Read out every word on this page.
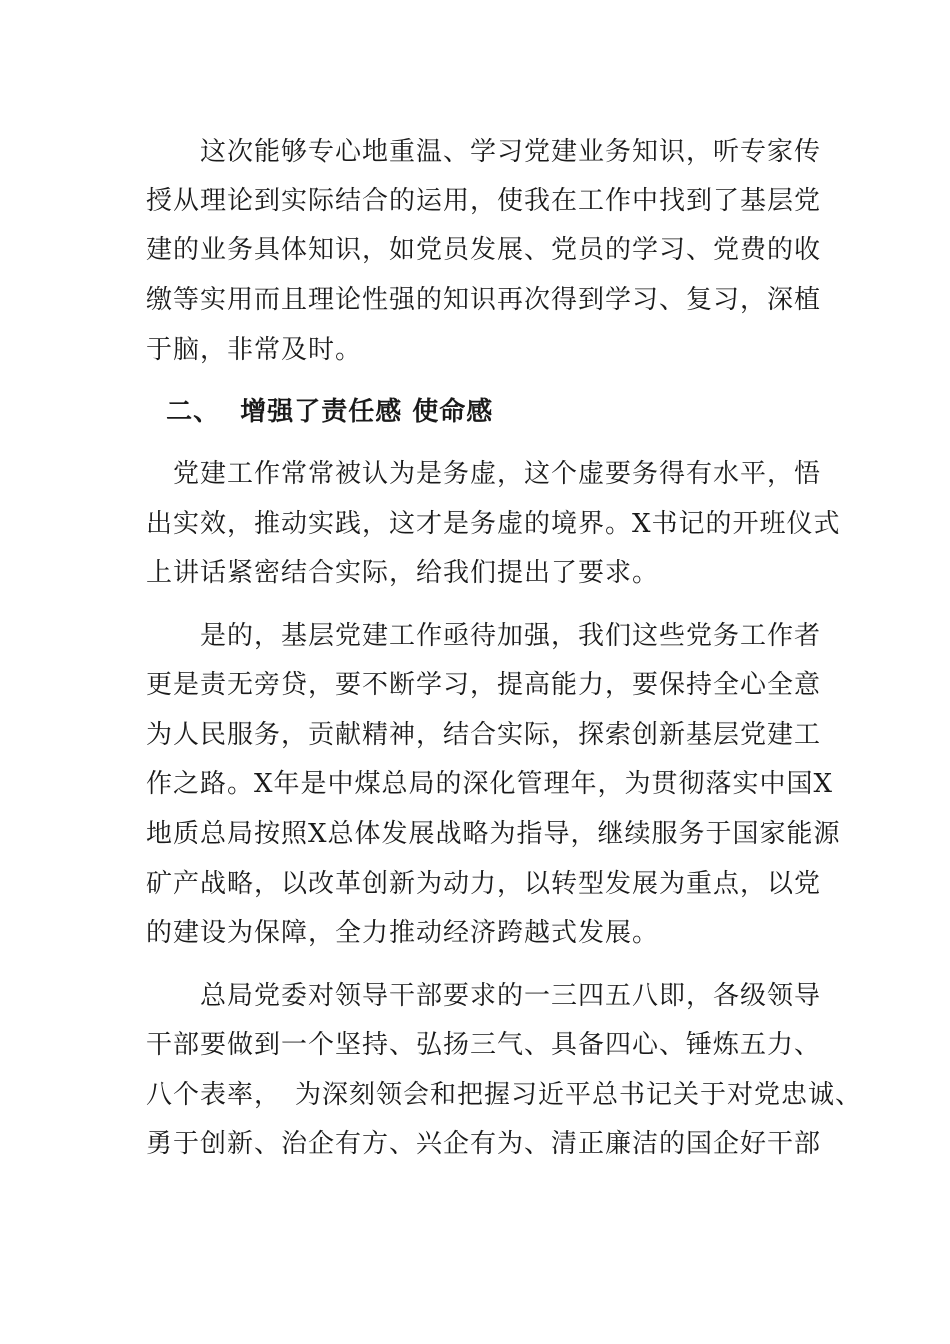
　　这次能够专心地重温、学习党建业务知识，听专家传
授从理论到实际结合的运用，使我在工作中找到了基层党
建的业务具体知识，如党员发展、党员的学习、党费的收
缴等实用而且理论性强的知识再次得到学习、复习，深植
于脑，非常及时。
二、  增强了责任感 使命感
　党建工作常常被认为是务虚，这个虚要务得有水平，悟
出实效，推动实践，这才是务虚的境界。X书记的开班仪式
上讲话紧密结合实际，给我们提出了要求。
　　是的，基层党建工作亟待加强，我们这些党务工作者
更是责无旁贷，要不断学习，提高能力，要保持全心全意
为人民服务，贡献精神，结合实际，探索创新基层党建工
作之路。X年是中煤总局的深化管理年，为贯彻落实中国X
地质总局按照X总体发展战略为指导，继续服务于国家能源
矿产战略，以改革创新为动力，以转型发展为重点，以党
的建设为保障，全力推动经济跨越式发展。
　　总局党委对领导干部要求的一三四五八即，各级领导
干部要做到一个坚持、弘扬三气、具备四心、锤炼五力、
八个表率，　为深刻领会和把握习近平总书记关于对党忠诚、
勇于创新、治企有方、兴企有为、清正廉洁的国企好干部
